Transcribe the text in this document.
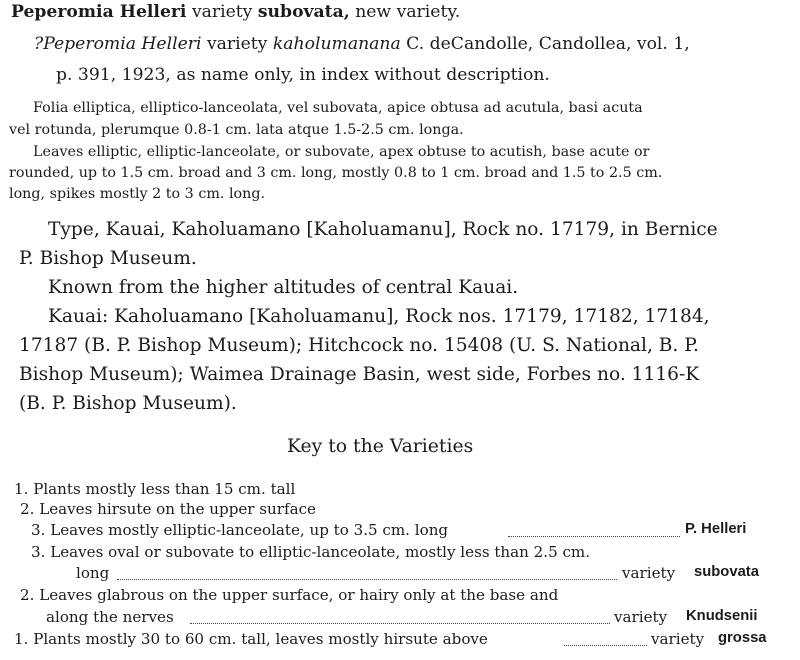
Peperomia Helleri variety subovata, new variety.
?Peperomia Helleri variety kaholumanana C. deCandolle, Candollea, vol. 1,
p. 391, 1923, as name only, in index without description.
Folia elliptica, elliptico-lanceolata, vel subovata, apice obtusa ad acutula, basi acuta
vel rotunda, plerumque 0.8-1 cm. lata atque 1.5-2.5 cm. longa.
Leaves elliptic, elliptic-lanceolate, or subovate, apex obtuse to acutish, base acute or
rounded, up to 1.5 cm. broad and 3 cm. long, mostly 0.8 to 1 cm. broad and 1.5 to 2.5 cm.
long, spikes mostly 2 to 3 cm. long.
Type, Kauai, Kaholuamano [Kaholuamanu], Rock no. 17179, in Bernice
P. Bishop Museum.
Known from the higher altitudes of central Kauai.
Kauai: Kaholuamano [Kaholuamanu], Rock nos. 17179, 17182, 17184,
17187 (B. P. Bishop Museum); Hitchcock no. 15408 (U. S. National, B. P.
Bishop Museum); Waimea Drainage Basin, west side, Forbes no. 1116-K
(B. P. Bishop Museum).
Key to the Varieties
1. Plants mostly less than 15 cm. tall
2. Leaves hirsute on the upper surface
3. Leaves mostly elliptic-lanceolate, up to 3.5 cm. long	P. Helleri
3. Leaves oval or subovate to elliptic-lanceolate, mostly less than 2.5 cm.
long	variety subovata
2. Leaves glabrous on the upper surface, or hairy only at the base and
along the nerves	variety Knudsenii
1. Plants mostly 30 to 60 cm. tall, leaves mostly hirsute above	variety grossa
